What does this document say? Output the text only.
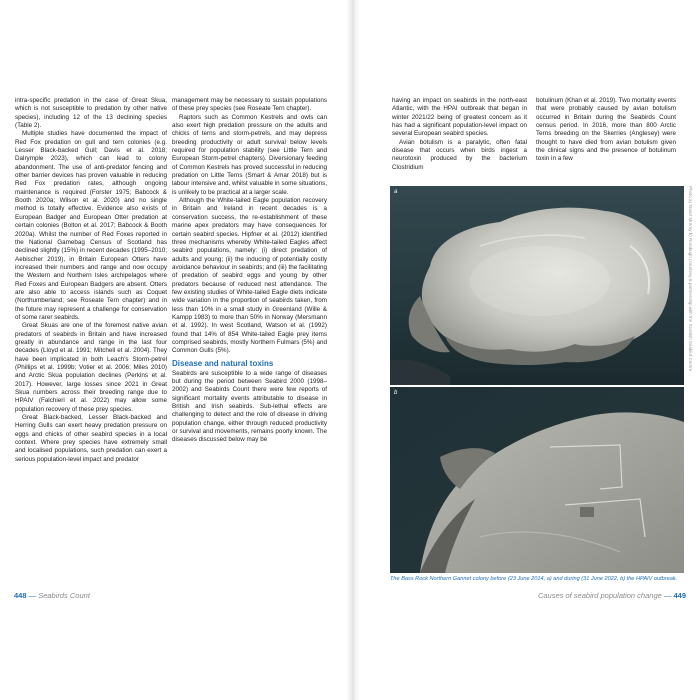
intra-specific predation in the case of Great Skua, which is not susceptible to predation by other native species), including 12 of the 13 declining species (Table 2).

Multiple studies have documented the impact of Red Fox predation on gull and tern colonies (e.g. Lesser Black-backed Gull; Davis et al. 2018; Dalrymple 2023), which can lead to colony abandonment. The use of anti-predator fencing and other barrier devices has proven valuable in reducing Red Fox predation rates, although ongoing maintenance is required (Forster 1975; Babcock & Booth 2020a; Wilson et al. 2020) and no single method is totally effective. Evidence also exists of European Badger and European Otter predation at certain colonies (Bolton et al. 2017; Babcock & Booth 2020a). Whilst the number of Red Foxes reported in the National Gamebag Census of Scotland has declined slightly (15%) in recent decades (1995–2010; Aebischer 2019), in Britain European Otters have increased their numbers and range and now occupy the Western and Northern Isles archipelagos where Red Foxes and European Badgers are absent. Otters are also able to access islands such as Coquet (Northumberland; see Roseate Tern chapter) and in the future may represent a challenge for conservation of some rarer seabirds.

Great Skuas are one of the foremost native avian predators of seabirds in Britain and have increased greatly in abundance and range in the last four decades (Lloyd et al. 1991; Mitchell et al. 2004). They have been implicated in both Leach's Storm-petrel (Phillips et al. 1999b; Votier et al. 2006; Miles 2010) and Arctic Skua population declines (Perkins et al. 2017). However, large losses since 2021 in Great Skua numbers across their breeding range due to HPAIV (Falchieri et al. 2022) may allow some population recovery of these prey species.

Great Black-backed, Lesser Black-backed and Herring Gulls can exert heavy predation pressure on eggs and chicks of other seabird species in a local context. Where prey species have extremely small and localised populations, such predation can exert a serious population-level impact and predator

management may be necessary to sustain populations of these prey species (see Roseate Tern chapter).

Raptors such as Common Kestrels and owls can also exert high predation pressure on the adults and chicks of terns and storm-petrels, and may depress breeding productivity or adult survival below levels required for population stability (see Little Tern and European Storm-petrel chapters). Diversionary feeding of Common Kestrels has proved successful in reducing predation on Little Terns (Smart & Amar 2018) but is labour intensive and, whilst valuable in some situations, is unlikely to be practical at a larger scale.

Although the White-tailed Eagle population recovery in Britain and Ireland in recent decades is a conservation success, the re-establishment of these marine apex predators may have consequences for certain seabird species. Hipfner et al. (2012) identified three mechanisms whereby White-tailed Eagles affect seabird populations, namely: (i) direct predation of adults and young; (ii) the inducing of potentially costly avoidance behaviour in seabirds; and (iii) the facilitating of predation of seabird eggs and young by other predators because of reduced nest attendance. The few existing studies of White-tailed Eagle diets indicate wide variation in the proportion of seabirds taken, from less than 10% in a small study in Greenland (Wille & Kampp 1983) to more than 50% in Norway (Mersmann et al. 1992). In west Scotland, Watson et al. (1992) found that 14% of 854 White-tailed Eagle prey items comprised seabirds, mostly Northern Fulmars (5%) and Common Gulls (5%).

Disease and natural toxins

Seabirds are susceptible to a wide range of diseases but during the period between Seabird 2000 (1998–2002) and Seabirds Count there were few reports of significant mortality events attributable to disease in British and Irish seabirds. Sub-lethal effects are challenging to detect and the role of disease in driving population change, either through reduced productivity or survival and movements, remains poorly known. The diseases discussed below may be

448 — Seabirds Count

having an impact on seabirds in the north-east Atlantic, with the HPAI outbreak that began in winter 2021/22 being of greatest concern as it has had a significant population-level impact on several European seabird species.

Avian botulism is a paralytic, often fatal disease that occurs when birds ingest a neurotoxin produced by the bacterium Clostridium

botulinum (Khan et al. 2019). Two mortality events that were probably caused by avian botulism occurred in Britain during the Seabirds Count census period. In 2016, more than 800 Arctic Terns breeding on the Skerries (Anglesey) were thought to have died from avian botulism given the clinical signs and the presence of botulinum toxin in a few

a
b
Photo a) Stuart Murray b) Rorabugh (courtesy & partnership with the Scottish Seabird Centre
The Bass Rock Northern Gannet colony before (23 June 2014, a) and during (31 June 2022, b) the HPAIV outbreak.
Causes of seabird population change — 449
